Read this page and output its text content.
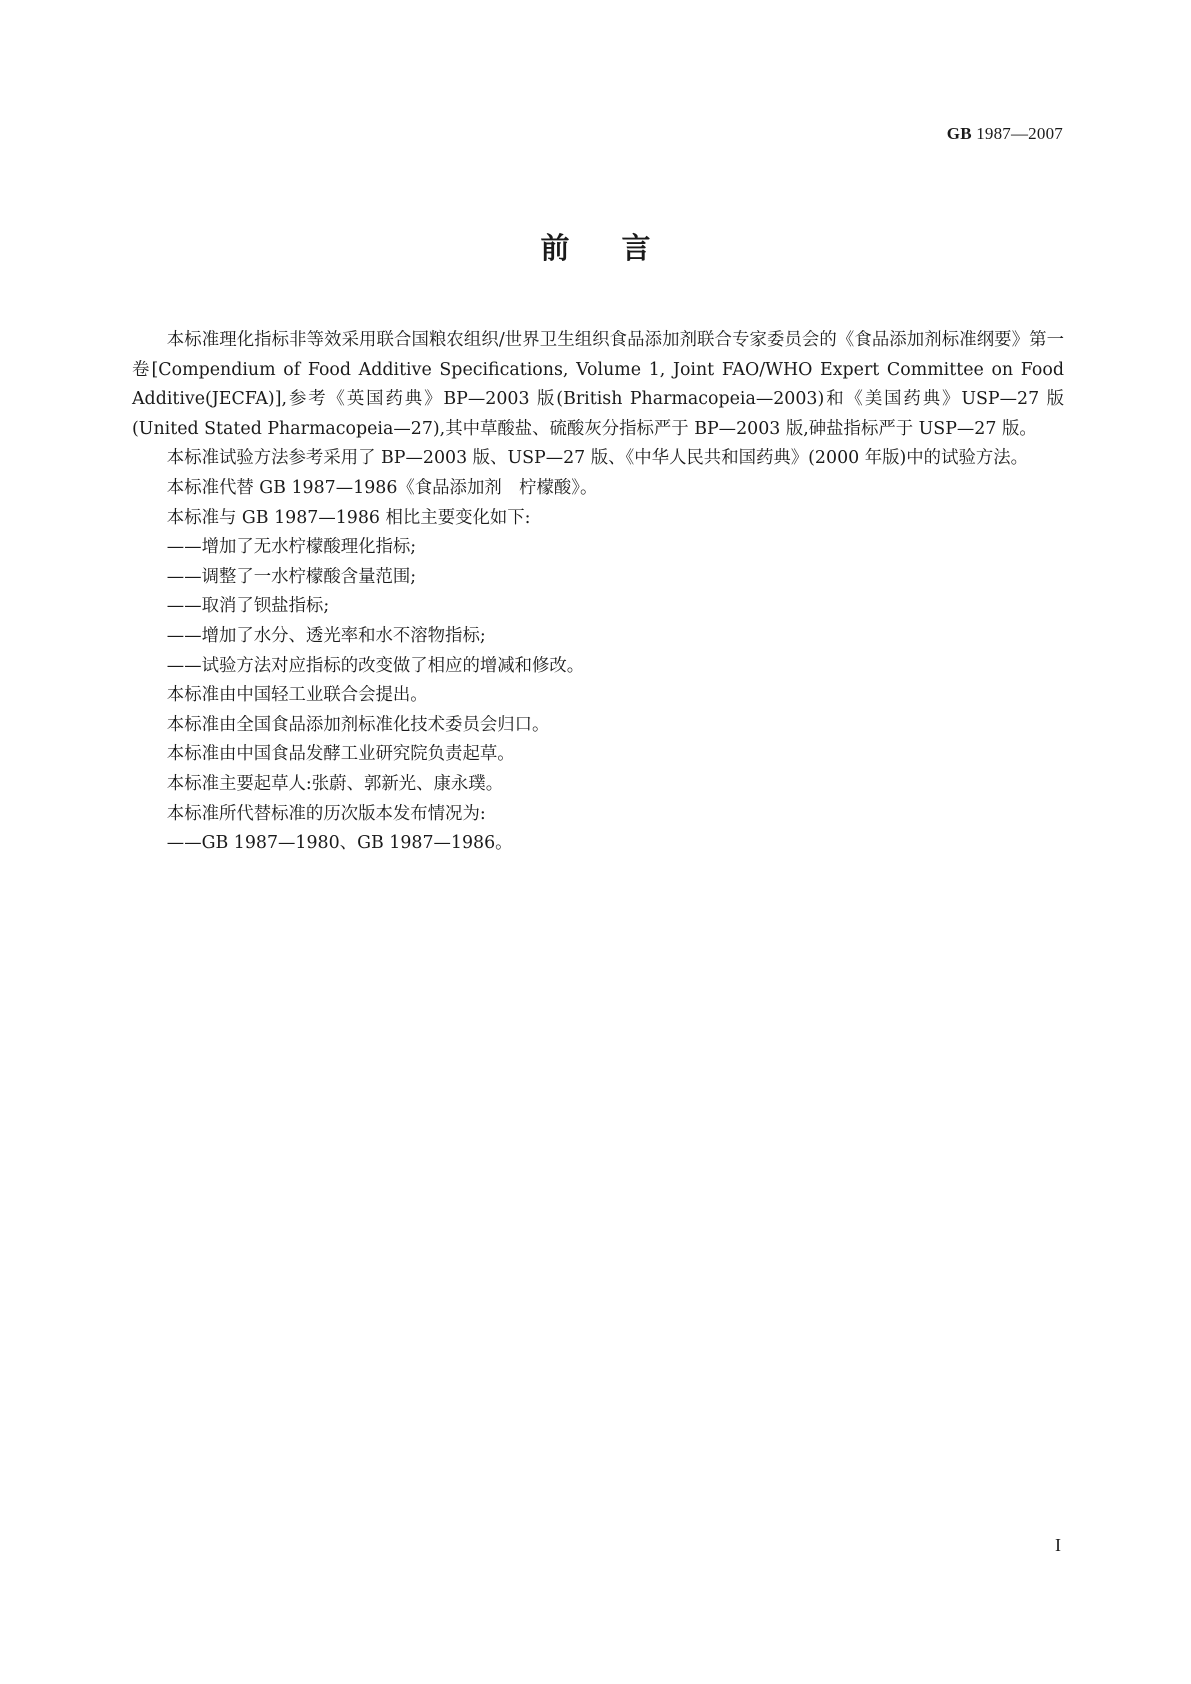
GB 1987—2007
前言

本标准理化指标非等效采用联合国粮农组织/世界卫生组织食品添加剂联合专家委员会的《食品添加剂标准纲要》第一卷[Compendium of Food Additive Specifications, Volume 1, Joint FAO/WHO Expert Committee on Food Additive(JECFA)],参考《英国药典》BP—2003 版(British Pharmacopeia—2003)和《美国药典》USP—27 版(United Stated Pharmacopeia—27),其中草酸盐、硫酸灰分指标严于 BP—2003 版,砷盐指标严于 USP—27 版。

本标准试验方法参考采用了 BP—2003 版、USP—27 版、《中华人民共和国药典》(2000 年版)中的试验方法。

本标准代替 GB 1987—1986《食品添加剂　柠檬酸》。

本标准与 GB 1987—1986 相比主要变化如下:

——增加了无水柠檬酸理化指标;

——调整了一水柠檬酸含量范围;

——取消了钡盐指标;

——增加了水分、透光率和水不溶物指标;

——试验方法对应指标的改变做了相应的增减和修改。

本标准由中国轻工业联合会提出。

本标准由全国食品添加剂标准化技术委员会归口。

本标准由中国食品发酵工业研究院负责起草。

本标准主要起草人:张蔚、郭新光、康永璞。

本标准所代替标准的历次版本发布情况为:

——GB 1987—1980、GB 1987—1986。

I
